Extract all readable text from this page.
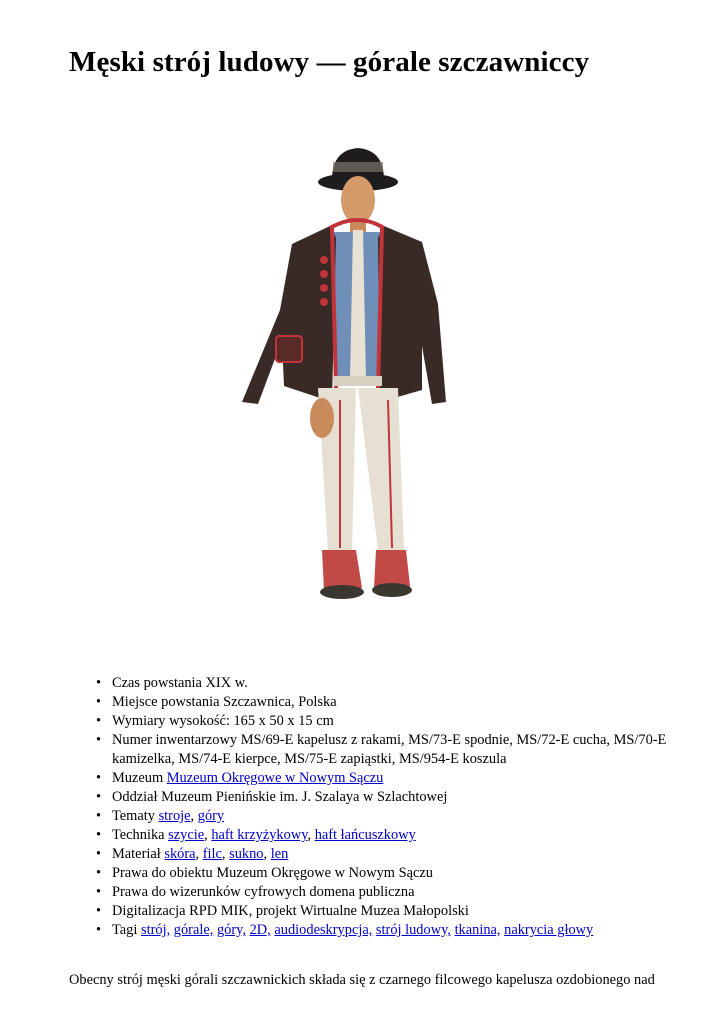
Męski strój ludowy — górale szczawniccy
• Czas powstania XIX w.
• Miejsce powstania Szczawnica, Polska
• Wymiary wysokość: 165 x 50 x 15 cm
• Numer inwentarzowy MS/69-E kapelusz z rakami, MS/73-E spodnie, MS/72-E cucha, MS/70-E kamizelka, MS/74-E kierpce, MS/75-E zapiąstki, MS/954-E koszula
• Muzeum Muzeum Okręgowe w Nowym Sączu
• Oddział Muzeum Pienińskie im. J. Szalaya w Szlachtowej
• Tematy stroje, góry
• Technika szycie, haft krzyżykowy, haft łańcuszkowy
• Materiał skóra, filc, sukno, len
• Prawa do obiektu Muzeum Okręgowe w Nowym Sączu
• Prawa do wizerunków cyfrowych domena publiczna
• Digitalizacja RPD MIK, projekt Wirtualne Muzea Małopolski
• Tagi strój, górale, góry, 2D, audiodeskrypcja, strój ludowy, tkanina, nakrycia głowy

Obecny strój męski górali szczawnickich składa się z czarnego filcowego kapelusza ozdobionego nad
